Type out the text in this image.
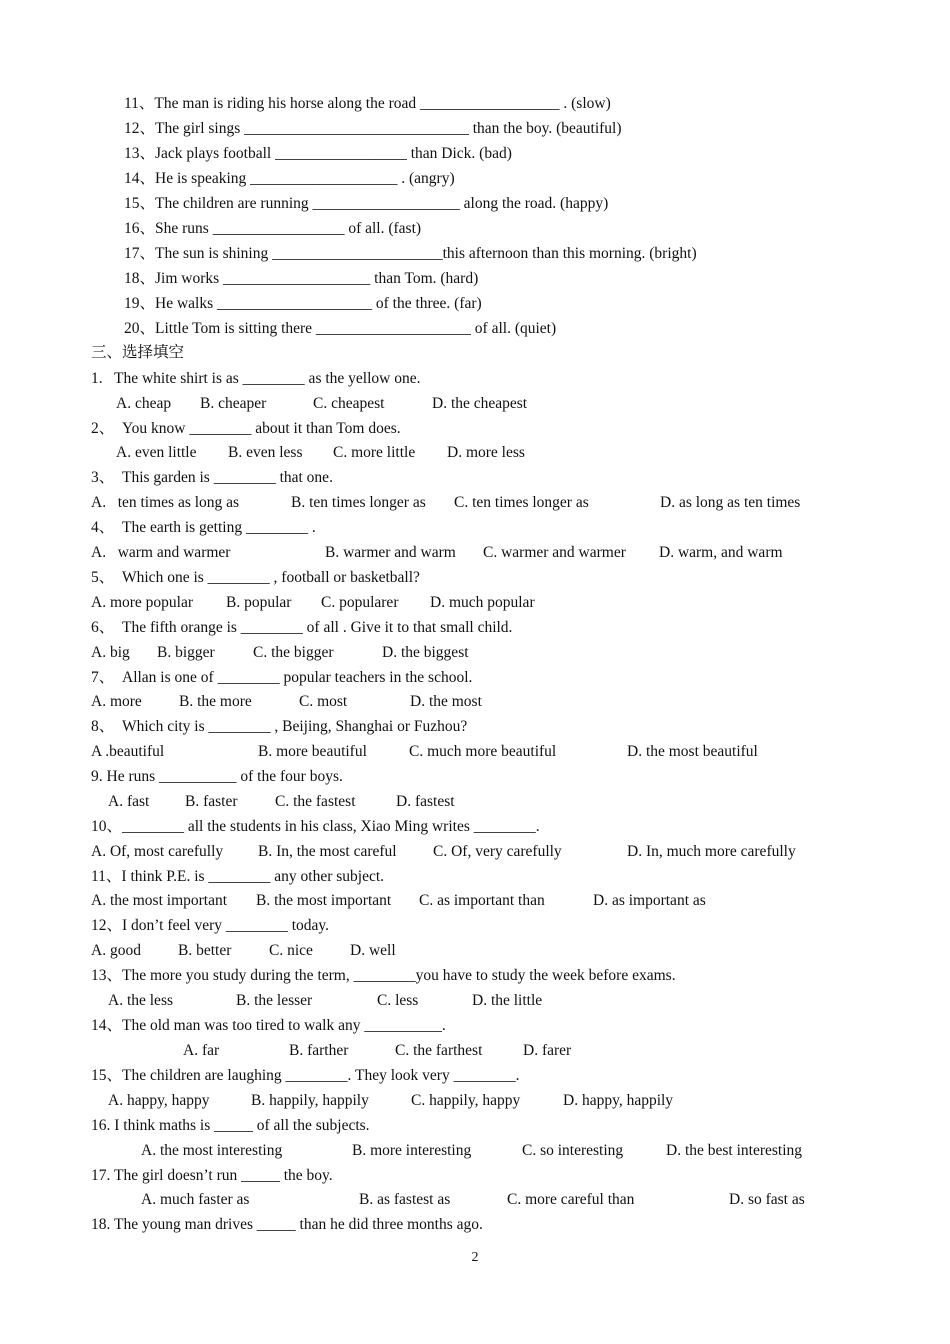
11、The man is riding his horse along the road __________________ . (slow)
12、The girl sings _____________________________ than the boy. (beautiful)
13、Jack plays football _________________ than Dick. (bad)
14、He is speaking ___________________ . (angry)
15、The children are running ___________________ along the road. (happy)
16、She runs _________________ of all. (fast)
17、The sun is shining ______________________this afternoon than this morning. (bright)
18、Jim works ___________________ than Tom. (hard)
19、He walks ____________________ of the three. (far)
20、Little Tom is sitting there ____________________ of all. (quiet)
三、选择填空
1.   The white shirt is as ________ as the yellow one.
A. cheap B. cheaper	C. cheapest	D. the cheapest
2、  You know ________ about it than Tom does.
A. even little B. even less C. more little D. more less
3、  This garden is ________ that one.
A.   ten times as long as	B. ten times longer as C. ten times longer as	D. as long as ten times
4、  The earth is getting ________ .
A.   warm and warmer	B. warmer and warm C. warmer and warmer D. warm, and warm
5、  Which one is ________ , football or basketball?
A. more popular B. popular C. popularer D. much popular
6、  The fifth orange is ________ of all . Give it to that small child.
A. big B. bigger C. the bigger	D. the biggest
7、  Allan is one of ________ popular teachers in the school.
A. more B. the more	C. most	D. the most
8、  Which city is ________ , Beijing, Shanghai or Fuzhou?
A .beautiful	B. more beautiful	C. much more beautiful	D. the most beautiful
9. He runs __________ of the four boys.
A. fast B. faster C. the fastest	D. fastest
10、________ all the students in his class, Xiao Ming writes ________.
A. Of, most carefully B. In, the most careful C. Of, very carefully	D. In, much more carefully
11、I think P.E. is ________ any other subject.
A. the most important B. the most important C. as important than	D. as important as
12、I don’t feel very ________ today.
A. good B. better C. nice D. well
13、The more you study during the term, ________you have to study the week before exams.
A. the less	B. the lesser	C. less	D. the little
14、The old man was too tired to walk any __________.
A. far	B. farther	C. the farthest	D. farer
15、The children are laughing ________. They look very ________.
A. happy, happy	B. happily, happily	C. happily, happy	D. happy, happily
16. I think maths is _____ of all the subjects.
A. the most interesting	B. more interesting	C. so interesting	D. the best interesting
17. The girl doesn’t run _____ the boy.
A. much faster as	B. as fastest as	C. more careful than	D. so fast as
18. The young man drives _____ than he did three months ago.
2
